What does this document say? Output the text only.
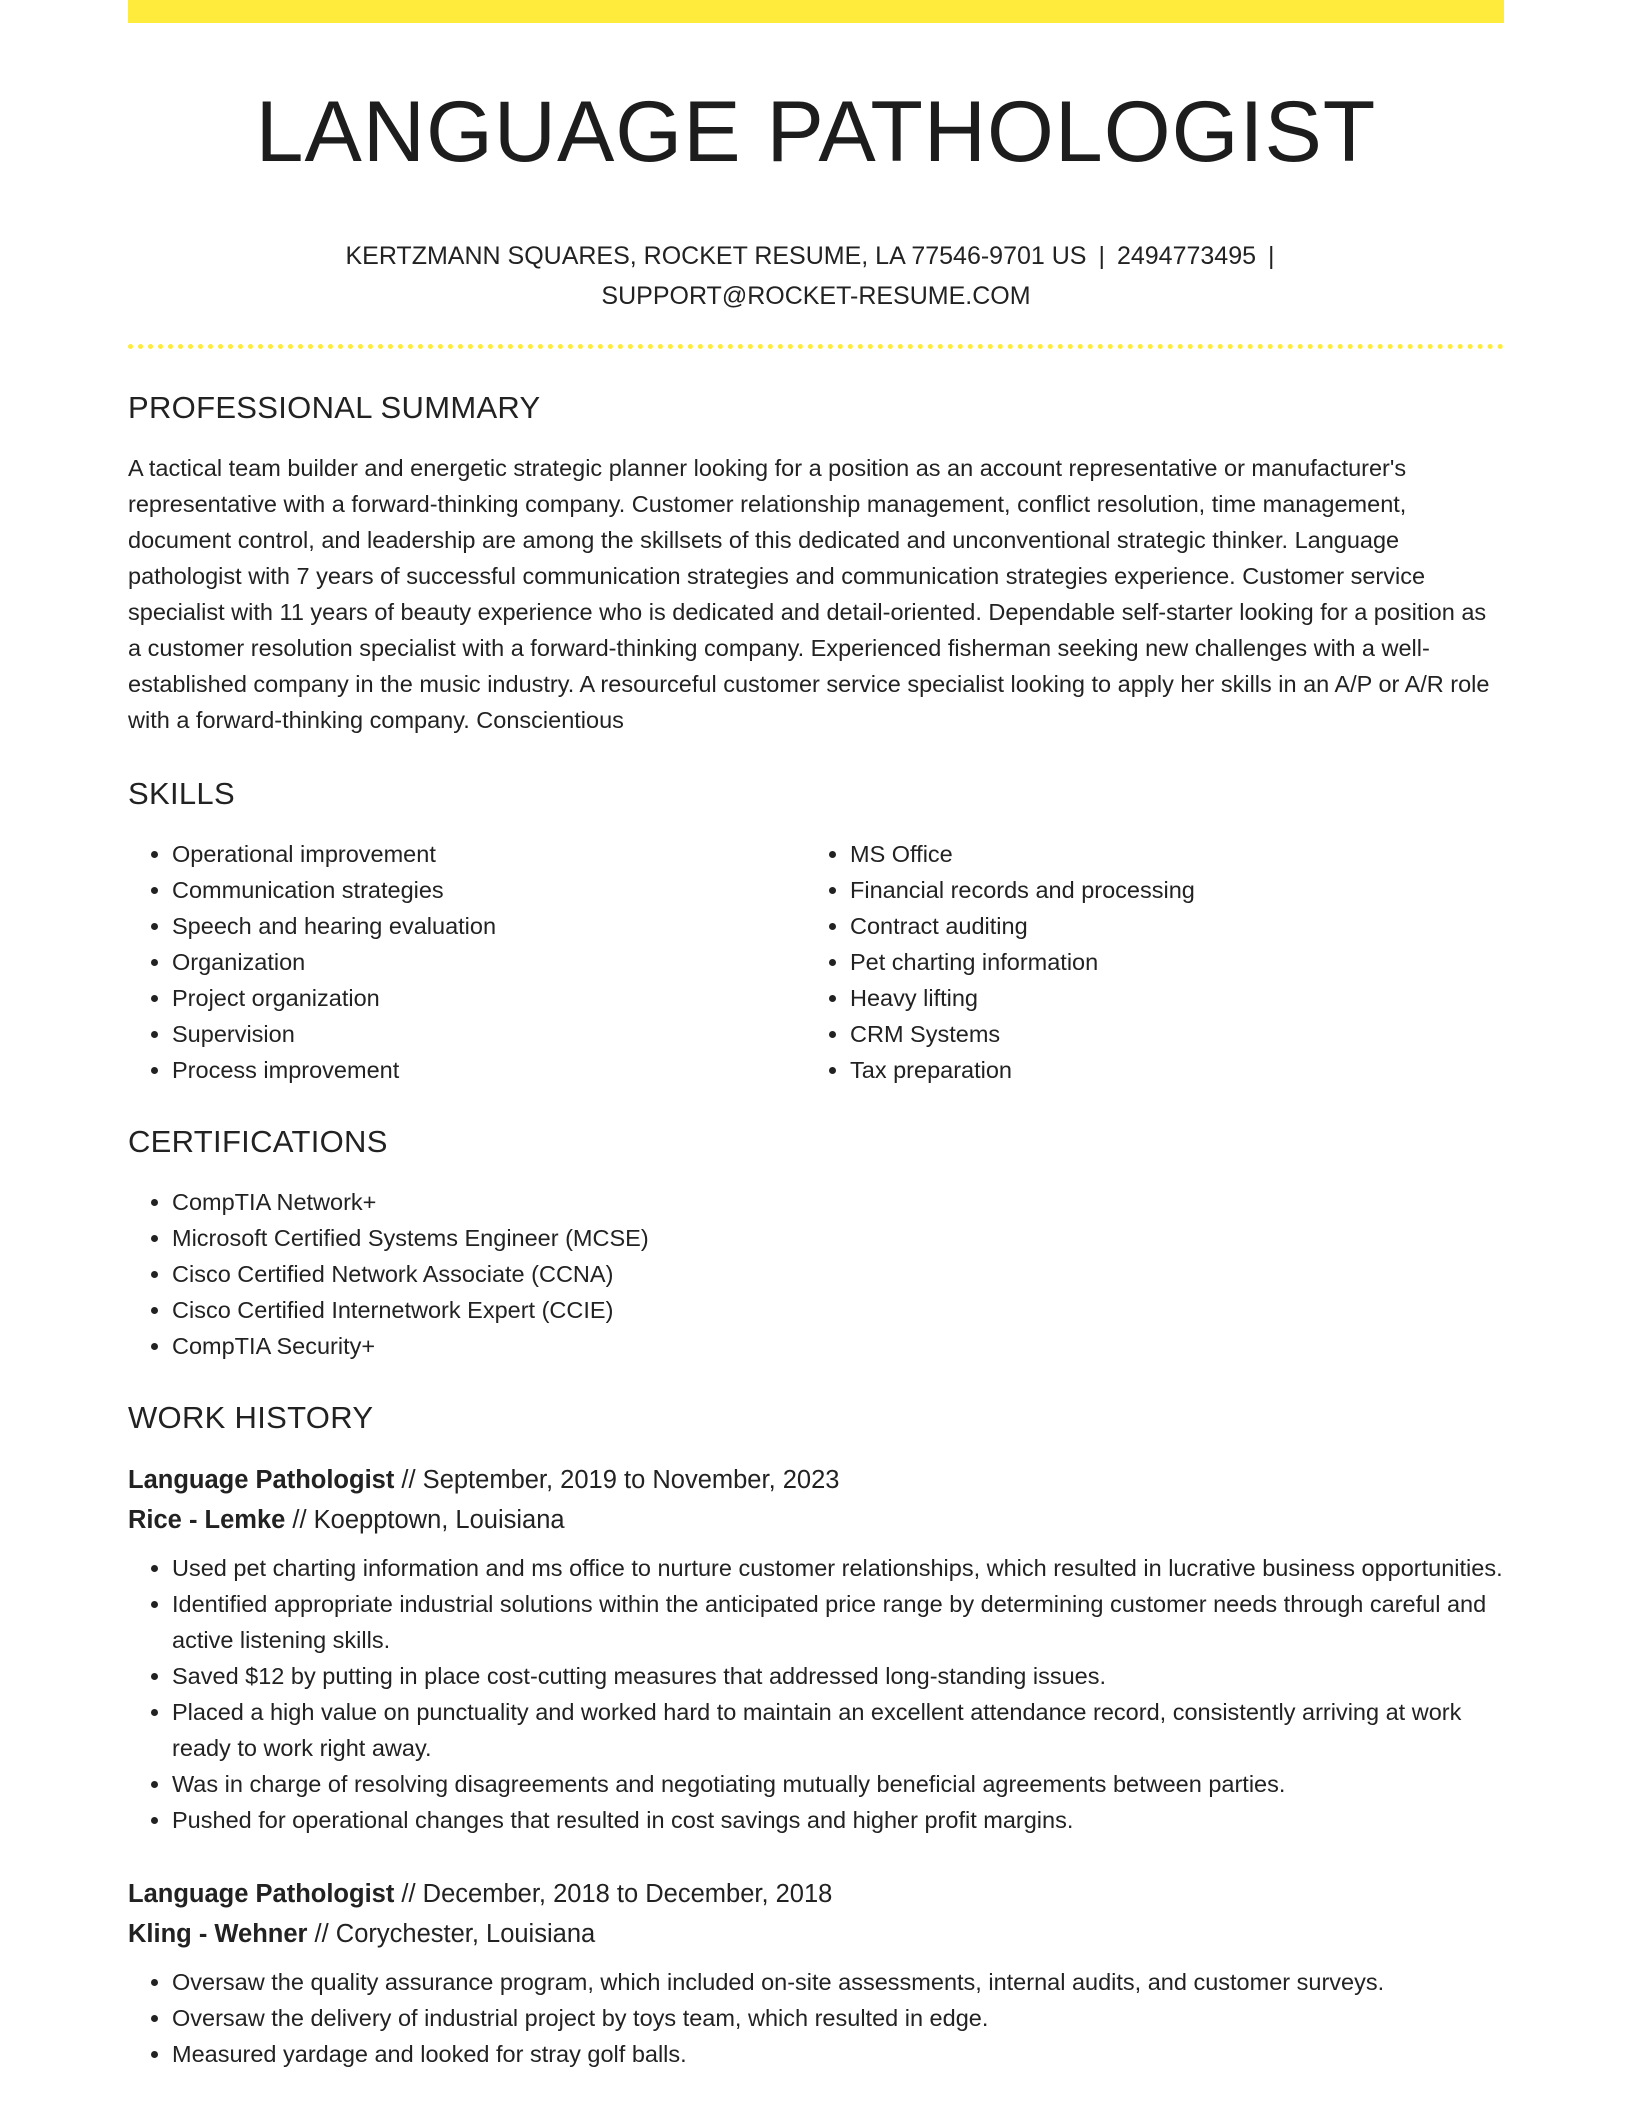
LANGUAGE PATHOLOGIST
KERTZMANN SQUARES, ROCKET RESUME, LA 77546-9701 US | 2494773495 |
SUPPORT@ROCKET-RESUME.COM
PROFESSIONAL SUMMARY

A tactical team builder and energetic strategic planner looking for a position as an account representative or manufacturer's representative with a forward-thinking company. Customer relationship management, conflict resolution, time management, document control, and leadership are among the skillsets of this dedicated and unconventional strategic thinker. Language pathologist with 7 years of successful communication strategies and communication strategies experience. Customer service specialist with 11 years of beauty experience who is dedicated and detail-oriented. Dependable self-starter looking for a position as a customer resolution specialist with a forward-thinking company. Experienced fisherman seeking new challenges with a well-established company in the music industry. A resourceful customer service specialist looking to apply her skills in an A/P or A/R role with a forward-thinking company. Conscientious

SKILLS
• Operational improvement
• Communication strategies
• Speech and hearing evaluation
• Organization
• Project organization
• Supervision
• Process improvement
• MS Office
• Financial records and processing
• Contract auditing
• Pet charting information
• Heavy lifting
• CRM Systems
• Tax preparation
CERTIFICATIONS
• CompTIA Network+
• Microsoft Certified Systems Engineer (MCSE)
• Cisco Certified Network Associate (CCNA)
• Cisco Certified Internetwork Expert (CCIE)
• CompTIA Security+
WORK HISTORY

Language Pathologist // September, 2019 to November, 2023

Rice - Lemke // Koepptown, Louisiana

• Used pet charting information and ms office to nurture customer relationships, which resulted in lucrative business opportunities.
• Identified appropriate industrial solutions within the anticipated price range by determining customer needs through careful and active listening skills.
• Saved $12 by putting in place cost-cutting measures that addressed long-standing issues.
• Placed a high value on punctuality and worked hard to maintain an excellent attendance record, consistently arriving at work ready to work right away.
• Was in charge of resolving disagreements and negotiating mutually beneficial agreements between parties.
• Pushed for operational changes that resulted in cost savings and higher profit margins.

Language Pathologist // December, 2018 to December, 2018

Kling - Wehner // Corychester, Louisiana

• Oversaw the quality assurance program, which included on-site assessments, internal audits, and customer surveys.
• Oversaw the delivery of industrial project by toys team, which resulted in edge.
• Measured yardage and looked for stray golf balls.
